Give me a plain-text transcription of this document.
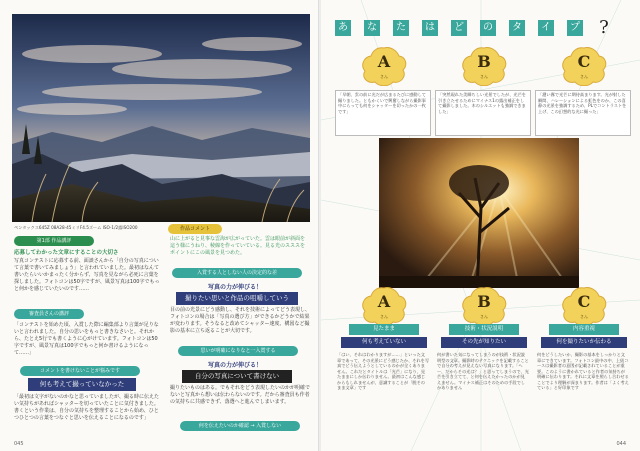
ペンタックス645Z 08A28-45ミリF4.5ズーム ISO-1/2露ISO200
第1部 作品講評
応募してわかった文章にすることの大切さ
写真コンテストに応募する前、面談さんから「自分の写真について言葉で書いてみましょう」と言われていました。最初はなんて書いたらいいかまったく分からず、写真を見ながら必死に言葉を探しました。フォトコンは50字ですが、風景写真は100字でもっと何かを感じていたいのです……
審査員さんの講評
「コンテストを始めた頃、入賞した際に編集部より言葉が足りないと言われました。自分の思いをもっと書きなさいと。それから、たとえ5行でも書くように心がけています。フォトコンは50字ですが、風景写真は100字でもっと何か書けるようになって……」
コメントを書けないことが悩みです
何も考えて撮っていなかった
「最初は文字がないのかなと思っていましたが、撮る時に伝えたい気持ちがあればシャッターを切っていたことに気付きました。書くという作業は、自分の気持ちを整理することから始め、ひとつひとつの言葉をつなぐと思いを伝えることになるのです」
045
作品コメント
山に上がると見事な雲海が広がっていた。雲は眼前が斜面を這う様にうねり、稜線を作っていている。見る光のスススをポイントにこの風景を見つめた。
入賞する人としない人の決定的な差
写真の力が伸びる！
撮りたい思いと作品の咀嚼していう
目の前の光景にどう感動し、それを技術によってどう表現し、フォトコンの場合は「写真の選び方」ができるかどうかで結果が変わります。そうなると改めてシャッター速度、構図など撮影の基本に立ち返ることが大切です。
思いが明確になりなと一入賞する
写真の力が伸びる！
自分の写真について書けない
撮りたいものはある。でもそれをどう表現したいのかが明確でないと写真から想いは伝わらないのです。だから審査員も作者の気持ちに共感できず、落選へと進んでしまいます。
何を伝えたいのか確認 → 入賞しない
あ	な	た	は	ど	の	タ	イ	プ ?
A
さん
「早朝、雲の前に光だが広まるたびに感動して撮りました。ともかくいで興奮しながら撮影事中にらっても何をシャッターを切ったかの一枚です」
B
さん
「突然現れた美瞬ちしい光景でしたが、光芒を引き立たせるためにマイナス1の露出補正をして撮影しました。木のシルエットも強調できました」
C
さん
「濃い霧で光芒に期待高まります。光が射した瞬間、ハレーションによる虹色をのか、この喜静の光景を強調するため、PLでコントラストを上げ、この幻想的な光に撮った」
A
さん
見たまま
何も考えていない
「はい、それはわかりますが……」といった文章であって、その光景にどう感じたか、それを写真でどう伝えようとしているのかが全くありません。これだとタイトルは「光芒」になり、見たままにしか伝わりません。最初はこんな感じからもしれませんが、意識することが「脱そのまま文章」です
B
さん
技術・状況説明
その先が知りたい
何が書いた気になってしまうのが技術・状況説明型の文章。撮影時のテクニックを記載することで自分の考えが見えない写真になります。「へー、だからその光は？」と思ってしまうので、光芒を引き立てて、と何を伝えたかったのかが見えません。マイナス補正はそのための手段でしかありません
C
さん
内容重視
何を撮りたいか伝わる
何をどうしたいか、撮影の基本をしっかりと文章にできています。フォトコン最中の中、上級コースは撮影者の意図が記載されていることが重要。このように書かれていると作者の気持ちが明確に伝わります。それに文章を照らし合わせることでより理解が深まります。作者は「よく考えている」と好印象です
044
